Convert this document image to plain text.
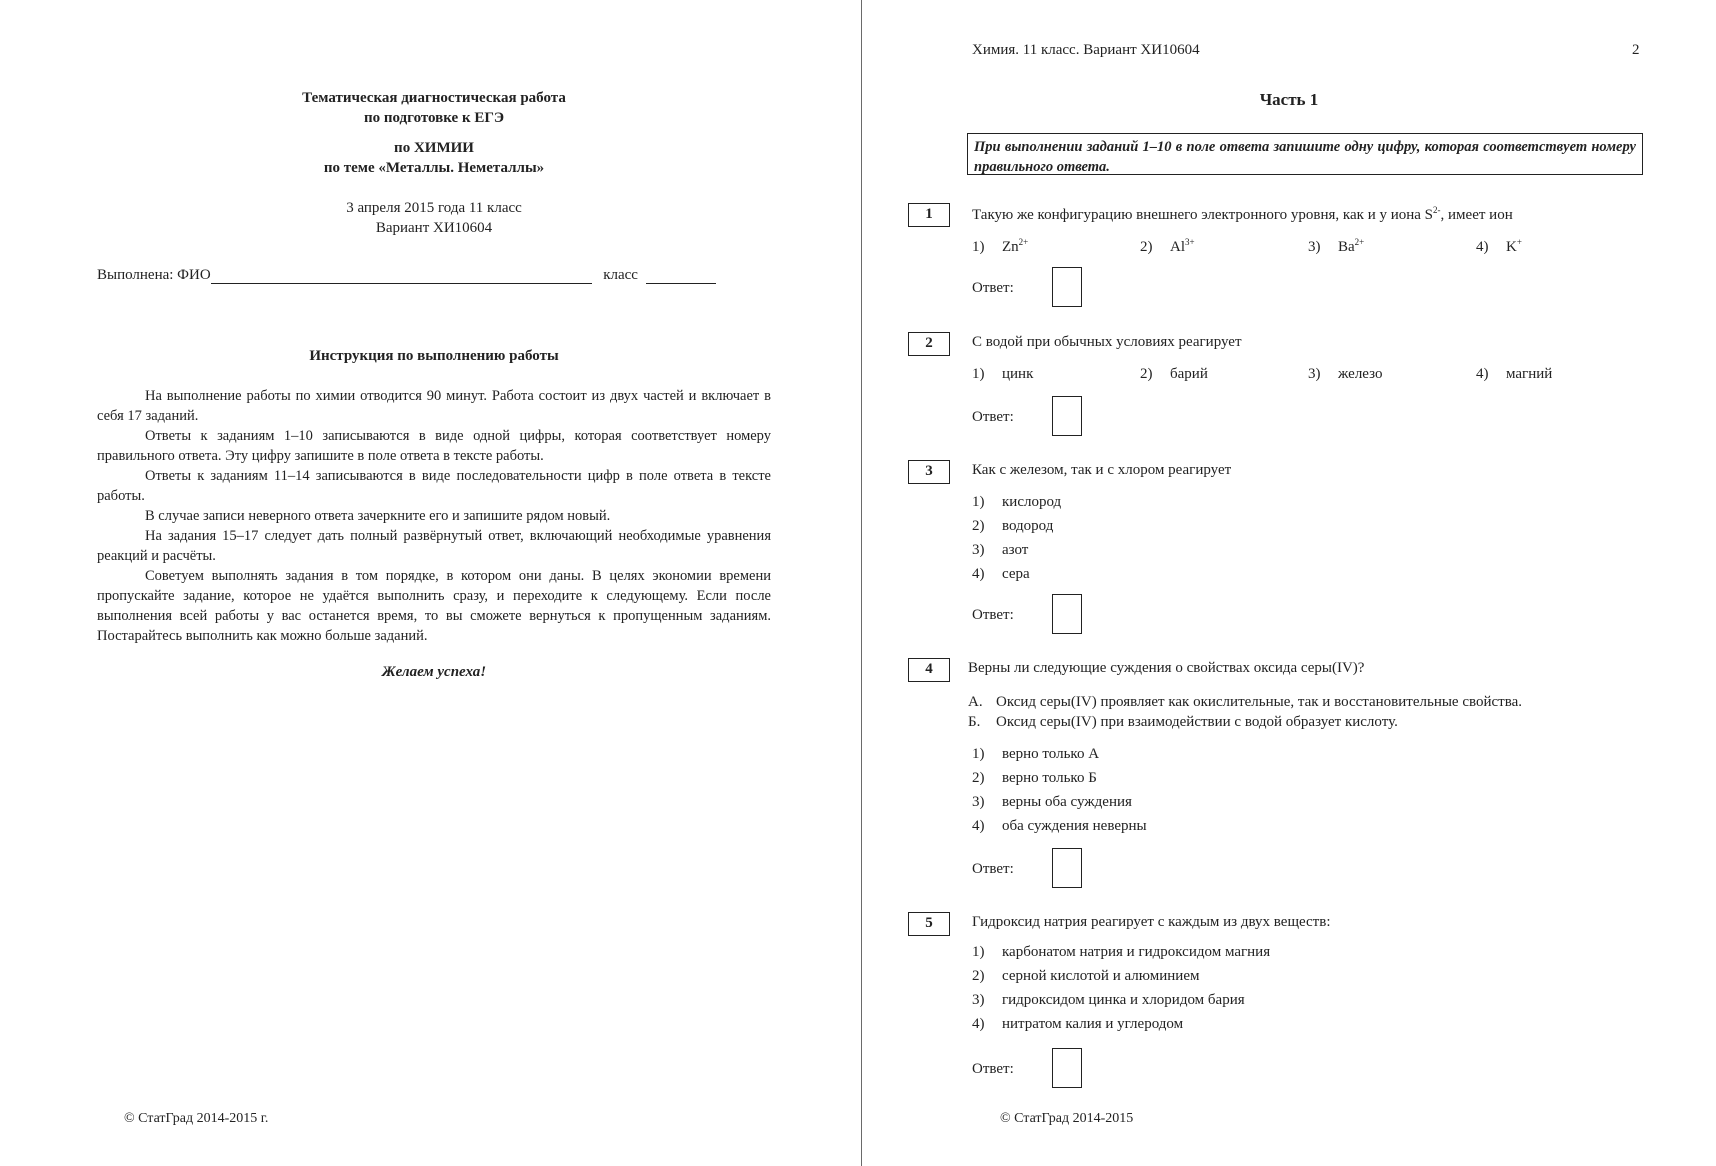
Тематическая диагностическая работа
по подготовке к ЕГЭ
по ХИМИИ
по теме «Металлы. Неметаллы»
3 апреля 2015 года 11 класс
Вариант ХИ10604
Выполнена: ФИО	класс
Инструкция по выполнению работы

На выполнение работы по химии отводится 90 минут. Работа состоит из двух частей и включает в себя 17 заданий.

Ответы к заданиям 1–10 записываются в виде одной цифры, которая соответствует номеру правильного ответа. Эту цифру запишите в поле ответа в тексте работы.

Ответы к заданиям 11–14 записываются в виде последовательности цифр в поле ответа в тексте работы.

В случае записи неверного ответа зачеркните его и запишите рядом новый.

На задания 15–17 следует дать полный развёрнутый ответ, включающий необходимые уравнения реакций и расчёты.

Советуем выполнять задания в том порядке, в котором они даны. В целях экономии времени пропускайте задание, которое не удаётся выполнить сразу, и переходите к следующему. Если после выполнения всей работы у вас останется время, то вы сможете вернуться к пропущенным заданиям. Постарайтесь выполнить как можно больше заданий.

Желаем успеха!
© СтатГрад 2014-2015 г.
Химия. 11 класс. Вариант ХИ10604	2
Часть 1
При выполнении заданий 1–10 в поле ответа запишите одну цифру, которая соответствует номеру правильного ответа.
1	Такую же конфигурацию внешнего электронного уровня, как и у иона $S^{2-}$, имеет ион
1) $Zn^{2+}$	2) $Al^{3+}$	3) $Ba^{2+}$	4) K+
Ответ:
2	С водой при обычных условиях реагирует
1) цинк	2) барий	3) железо	4) магний
Ответ:
3	Как с железом, так и с хлором реагирует
1) кислород
2) водород
3) азот
4) сера
Ответ:
4	Верны ли следующие суждения о свойствах оксида серы(IV)?
А. Оксид серы(IV) проявляет как окислительные, так и восстановительные свойства.
Б. Оксид серы(IV) при взаимодействии с водой образует кислоту.
1) верно только А
2) верно только Б
3) верны оба суждения
4) оба суждения неверны
Ответ:
5	Гидроксид натрия реагирует с каждым из двух веществ:
1) карбонатом натрия и гидроксидом магния
2) серной кислотой и алюминием
3) гидроксидом цинка и хлоридом бария
4) нитратом калия и углеродом
Ответ:
© СтатГрад 2014-2015
